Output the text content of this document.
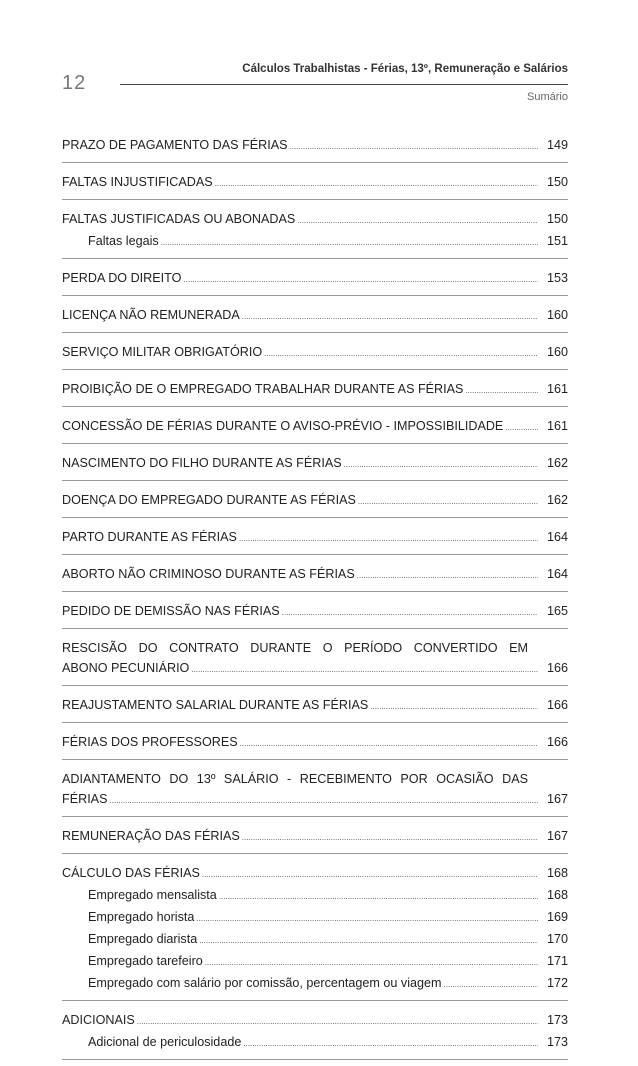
12
Cálculos Trabalhistas - Férias, 13º, Remuneração e Salários
Sumário
PRAZO DE PAGAMENTO DAS FÉRIAS .....	149
FALTAS INJUSTIFICADAS .....	150
FALTAS JUSTIFICADAS OU ABONADAS .....	150
Faltas legais .....	151
PERDA DO DIREITO .....	153
LICENÇA NÃO REMUNERADA .....	160
SERVIÇO MILITAR OBRIGATÓRIO .....	160
PROIBIÇÃO DE O EMPREGADO TRABALHAR DURANTE AS FÉRIAS .....	161
CONCESSÃO DE FÉRIAS DURANTE O AVISO-PRÉVIO - IMPOSSIBILIDADE .....	161
NASCIMENTO DO FILHO DURANTE AS FÉRIAS .....	162
DOENÇA DO EMPREGADO DURANTE AS FÉRIAS .....	162
PARTO DURANTE AS FÉRIAS .....	164
ABORTO NÃO CRIMINOSO DURANTE AS FÉRIAS .....	164
PEDIDO DE DEMISSÃO NAS FÉRIAS .....	165
RESCISÃO DO CONTRATO DURANTE O PERÍODO CONVERTIDO EM
ABONO PECUNIÁRIO .....	166
REAJUSTAMENTO SALARIAL DURANTE AS FÉRIAS .....	166
FÉRIAS DOS PROFESSORES .....	166
ADIANTAMENTO DO 13º SALÁRIO - RECEBIMENTO POR OCASIÃO DAS
FÉRIAS .....	167
REMUNERAÇÃO DAS FÉRIAS .....	167
CÁLCULO DAS FÉRIAS .....	168
Empregado mensalista .....	168
Empregado horista .....	169
Empregado diarista .....	170
Empregado tarefeiro .....	171
Empregado com salário por comissão, percentagem ou viagem .....	172
ADICIONAIS .....	173
Adicional de periculosidade .....	173
